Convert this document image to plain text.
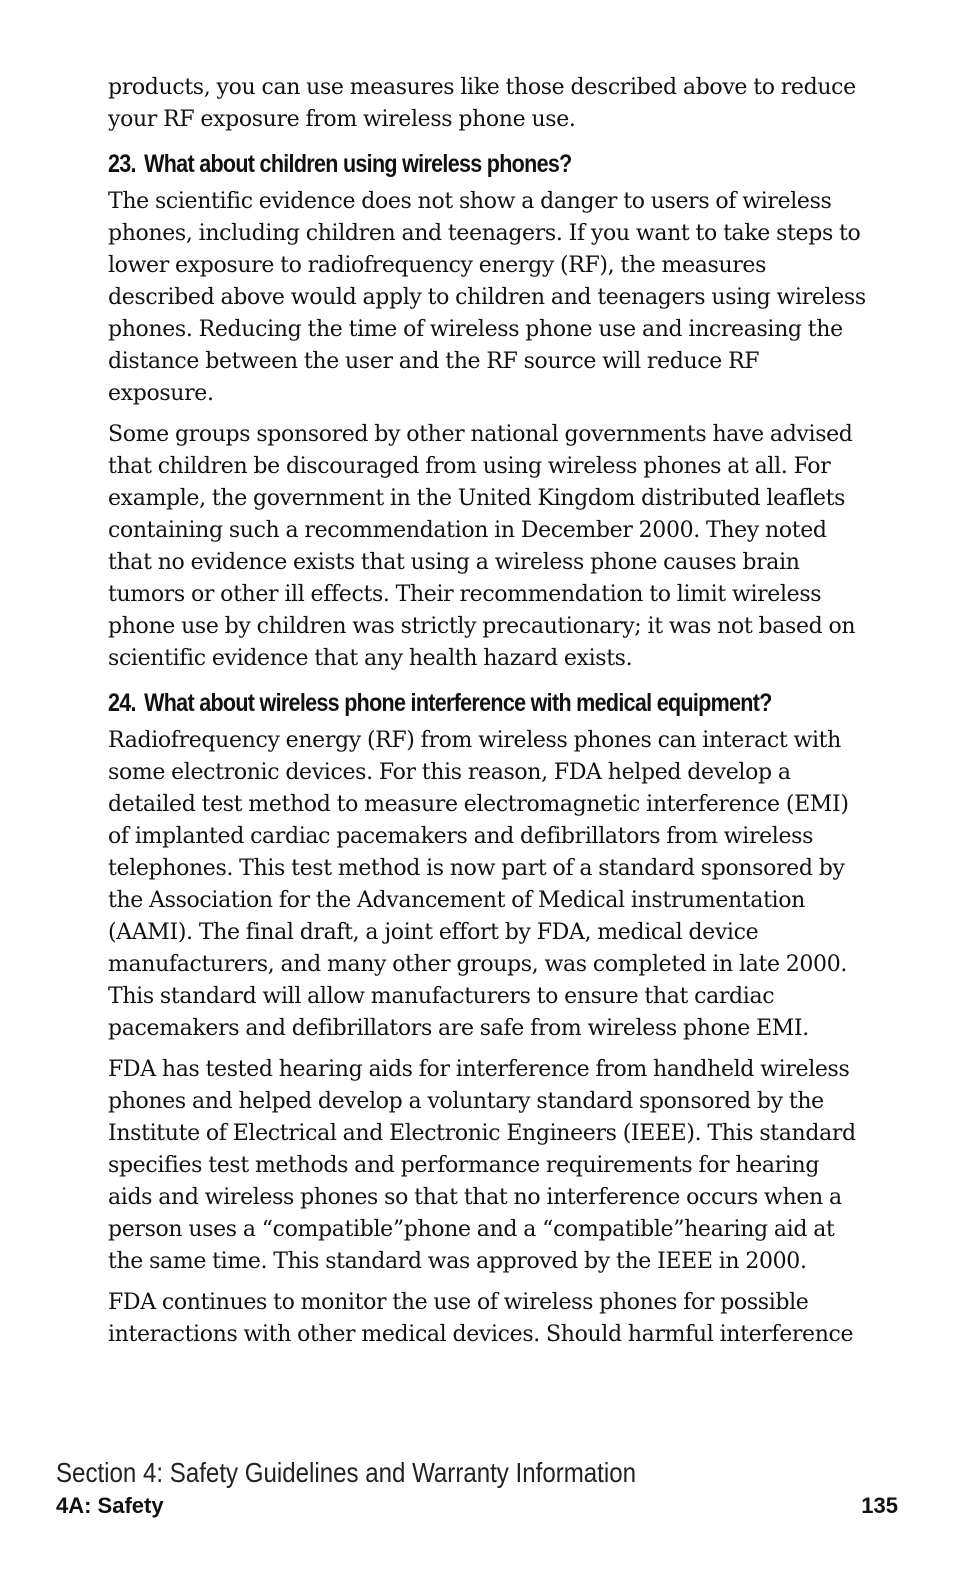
products, you can use measures like those described above to reduce your RF exposure from wireless phone use.

23. What about children using wireless phones?

The scientific evidence does not show a danger to users of wireless phones, including children and teenagers. If you want to take steps to lower exposure to radiofrequency energy (RF), the measures described above would apply to children and teenagers using wireless phones. Reducing the time of wireless phone use and increasing the distance between the user and the RF source will reduce RF exposure.

Some groups sponsored by other national governments have advised that children be discouraged from using wireless phones at all. For example, the government in the United Kingdom distributed leaflets containing such a recommendation in December 2000. They noted that no evidence exists that using a wireless phone causes brain tumors or other ill effects. Their recommendation to limit wireless phone use by children was strictly precautionary; it was not based on scientific evidence that any health hazard exists.

24. What about wireless phone interference with medical equipment?

Radiofrequency energy (RF) from wireless phones can interact with some electronic devices. For this reason, FDA helped develop a detailed test method to measure electromagnetic interference (EMI) of implanted cardiac pacemakers and defibrillators from wireless telephones. This test method is now part of a standard sponsored by the Association for the Advancement of Medical instrumentation (AAMI). The final draft, a joint effort by FDA, medical device manufacturers, and many other groups, was completed in late 2000. This standard will allow manufacturers to ensure that cardiac pacemakers and defibrillators are safe from wireless phone EMI.

FDA has tested hearing aids for interference from handheld wireless phones and helped develop a voluntary standard sponsored by the Institute of Electrical and Electronic Engineers (IEEE). This standard specifies test methods and performance requirements for hearing aids and wireless phones so that that no interference occurs when a person uses a “compatible”phone and a “compatible”hearing aid at the same time. This standard was approved by the IEEE in 2000.

FDA continues to monitor the use of wireless phones for possible interactions with other medical devices. Should harmful interference

Section 4: Safety Guidelines and Warranty Information
4A: Safety	135
